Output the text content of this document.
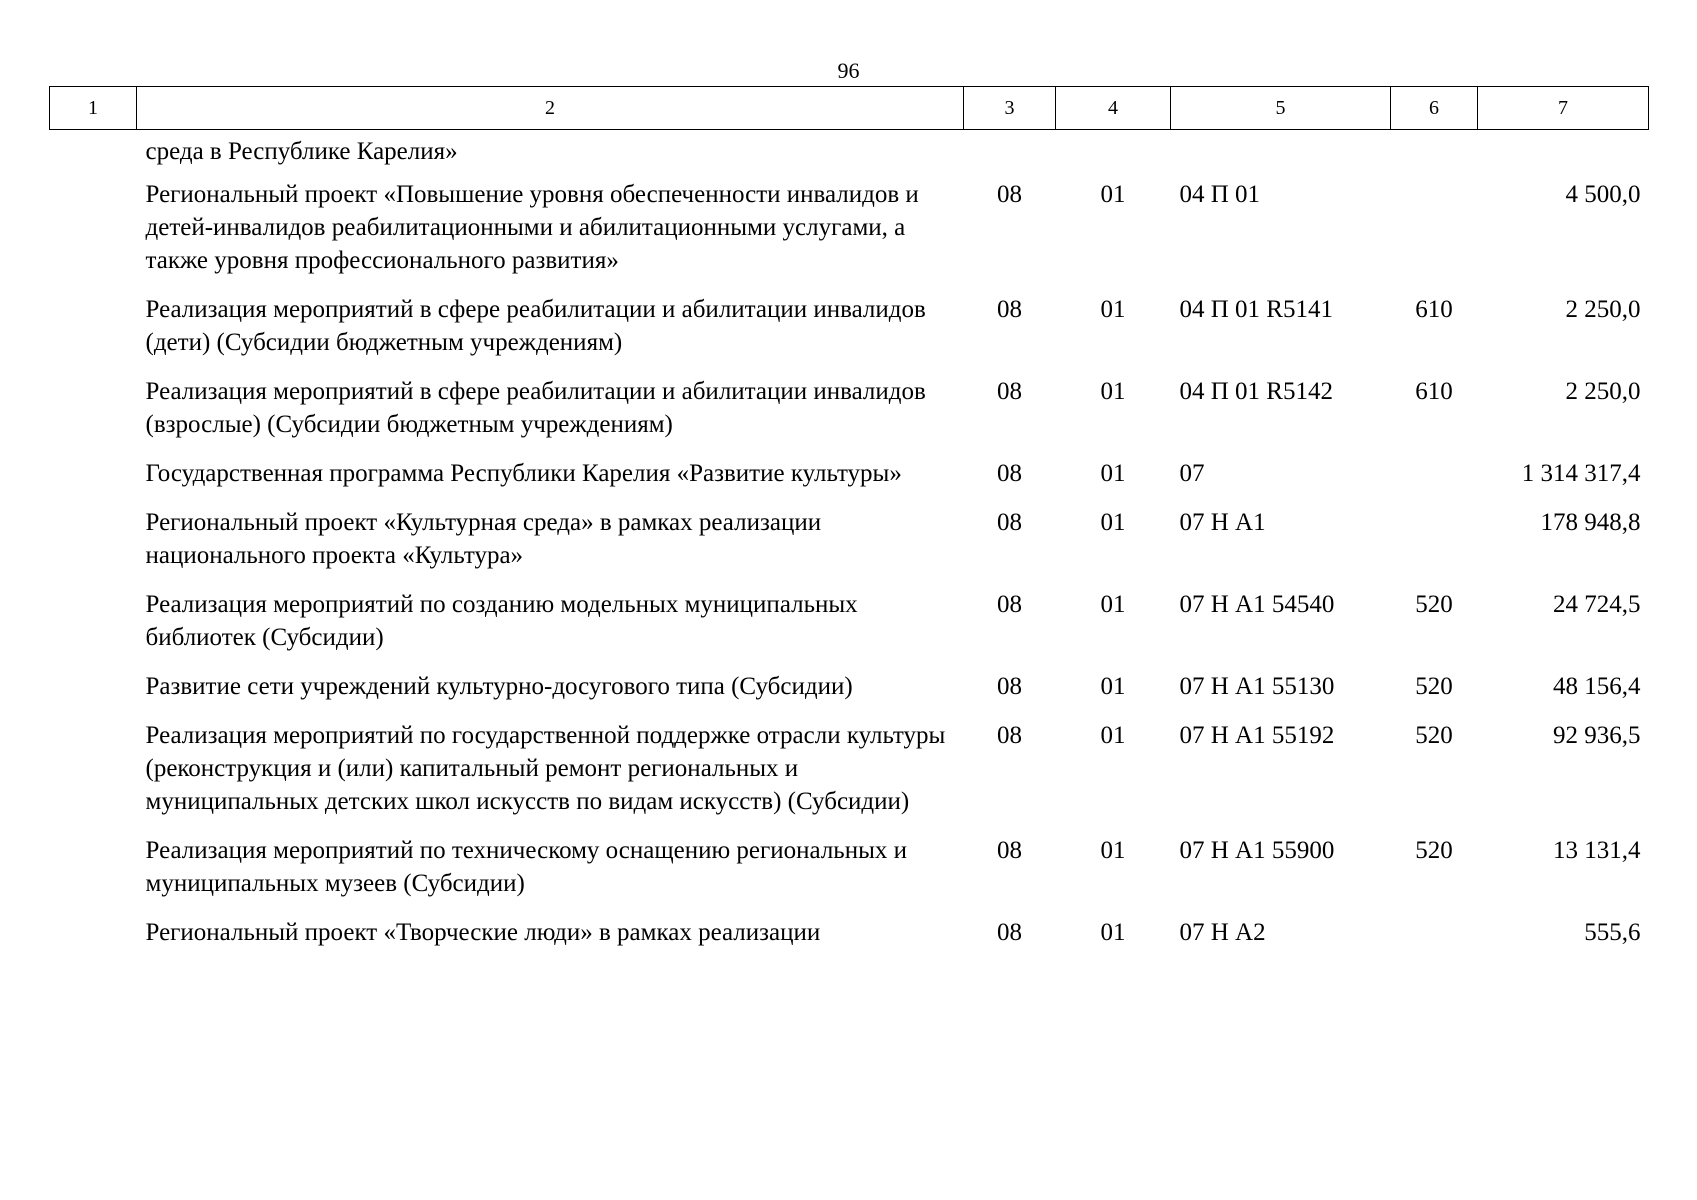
96
1	2	3	4	5	6	7
	среда в Республике Карелия»					
	Региональный проект «Повышение уровня обеспеченности инвалидов и детей-инвалидов реабилитационными и абилитационными услугами, а также уровня профессионального развития»	08	01	04 П 01		4 500,0
	Реализация мероприятий в сфере реабилитации и абилитации инвалидов (дети) (Субсидии бюджетным учреждениям)	08	01	04 П 01 R5141	610	2 250,0
	Реализация мероприятий в сфере реабилитации и абилитации инвалидов (взрослые) (Субсидии бюджетным учреждениям)	08	01	04 П 01 R5142	610	2 250,0
	Государственная программа Республики Карелия «Развитие культуры»	08	01	07		1 314 317,4
	Региональный проект «Культурная среда» в рамках реализации национального проекта «Культура»	08	01	07 Н А1		178 948,8
	Реализация мероприятий по созданию модельных муниципальных библиотек (Субсидии)	08	01	07 Н А1 54540	520	24 724,5
	Развитие сети учреждений культурно-досугового типа (Субсидии)	08	01	07 Н А1 55130	520	48 156,4
	Реализация мероприятий по государственной поддержке отрасли культуры (реконструкция и (или) капитальный ремонт региональных и муниципальных детских школ искусств по видам искусств) (Субсидии)	08	01	07 Н А1 55192	520	92 936,5
	Реализация мероприятий по техническому оснащению региональных и муниципальных музеев (Субсидии)	08	01	07 Н А1 55900	520	13 131,4
	Региональный проект «Творческие люди» в рамках реализации	08	01	07 Н А2		555,6
